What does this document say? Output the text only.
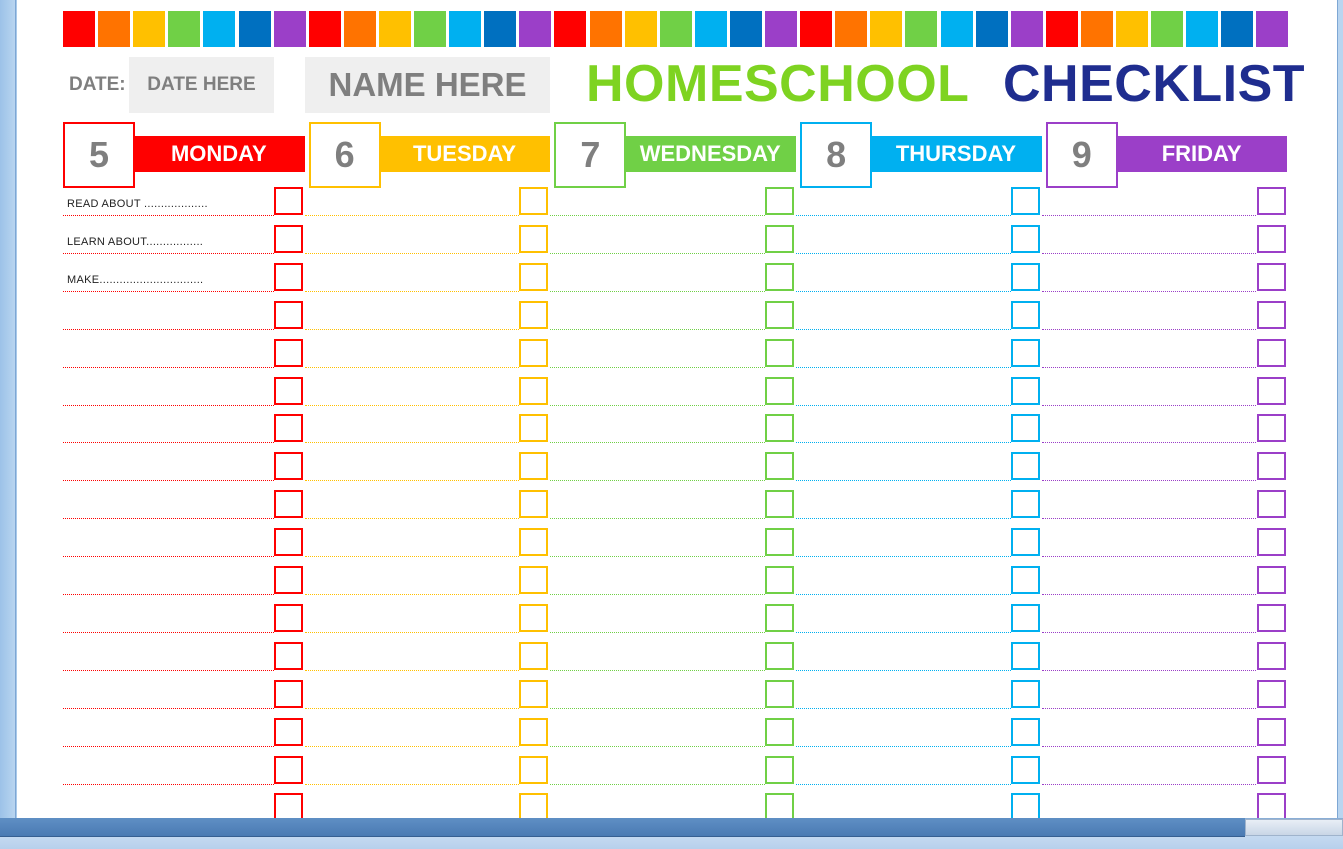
DATE:	DATE HERE	NAME HERE	HOMESCHOOL CHECKLIST
5	MONDAY	6	TUESDAY	7	WEDNESDAY	8	THURSDAY	9	FRIDAY
READ ABOUT ...................
LEARN ABOUT.................
MAKE...............................
